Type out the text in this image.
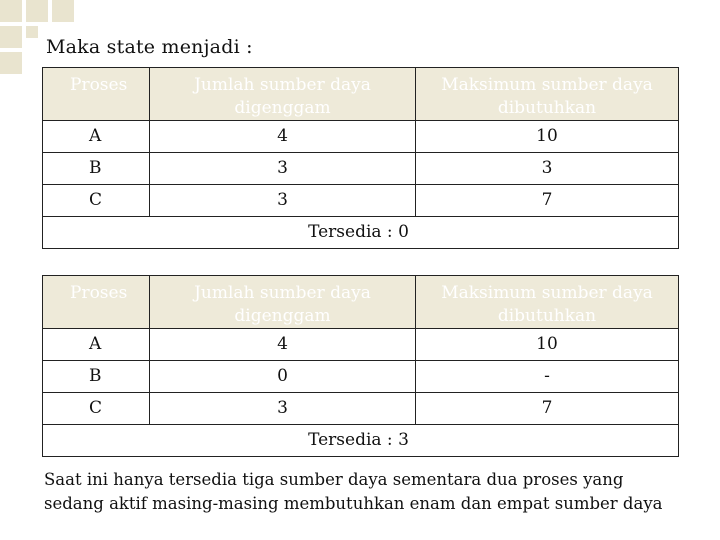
Maka state menjadi :
Proses	Jumlah sumber daya digenggam	Maksimum sumber daya dibutuhkan
A	4	10
B	3	3
C	3	7
Tersedia : 0		
Proses	Jumlah sumber daya digenggam	Maksimum sumber daya dibutuhkan
A	4	10
B	0	-
C	3	7
Tersedia : 3		
Saat ini hanya tersedia tiga sumber daya sementara dua proses yang sedang aktif masing-masing membutuhkan enam dan empat sumber daya
